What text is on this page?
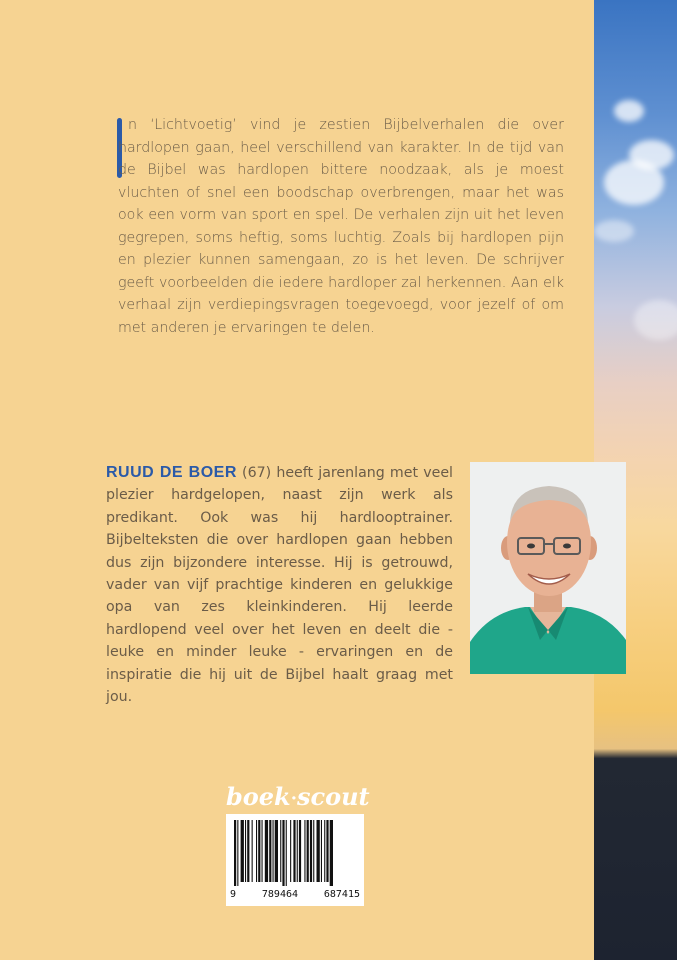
n ‘Lichtvoetig’ vind je zestien Bijbelverhalen die over hardlopen gaan, heel verschillend van karakter. In de tijd van de Bijbel was hardlopen bittere noodzaak, als je moest vluchten of snel een boodschap overbrengen, maar het was ook een vorm van sport en spel. De verhalen zijn uit het leven gegrepen, soms heftig, soms luchtig. Zoals bij hardlopen pijn en plezier kunnen samengaan, zo is het leven. De schrijver geeft voorbeelden die iedere hardloper zal herkennen. Aan elk verhaal zijn verdiepingsvragen toegevoegd, voor jezelf of om met anderen je ervaringen te delen.

RUUD DE BOER (67) heeft jarenlang met veel plezier hardgelopen, naast zijn werk als predikant. Ook was hij hardlooptrainer. Bijbelteksten die over hardlopen gaan hebben dus zijn bijzondere interesse. Hij is getrouwd, vader van vijf prachtige kinderen en gelukkige opa van zes kleinkinderen. Hij leerde hardlopend veel over het leven en deelt die - leuke en minder leuke - ervaringen en de inspiratie die hij uit de Bijbel haalt graag met jou.

boek·scout
9	789464	687415
